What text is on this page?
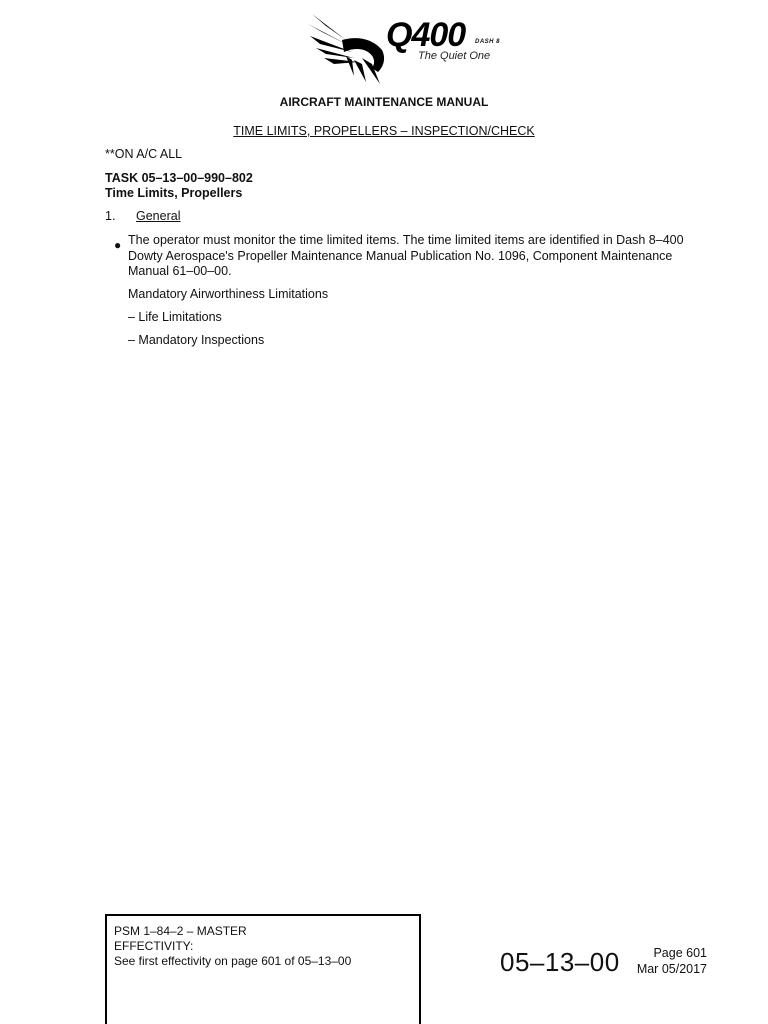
Q400 DASH 8
The Quiet One
AIRCRAFT MAINTENANCE MANUAL
TIME LIMITS, PROPELLERS – INSPECTION/CHECK
**ON A/C ALL
TASK 05–13–00–990–802
Time Limits, Propellers
1. General
● The operator must monitor the time limited items. The time limited items are identified in Dash 8–400 Dowty Aerospace's Propeller Maintenance Manual Publication No. 1096, Component Maintenance Manual 61–00–00.
Mandatory Airworthiness Limitations
– Life Limitations
– Mandatory Inspections
PSM 1–84–2 – MASTER
EFFECTIVITY:
See first effectivity on page 601 of 05–13–00	05–13–00	Page 601
Mar 05/2017
